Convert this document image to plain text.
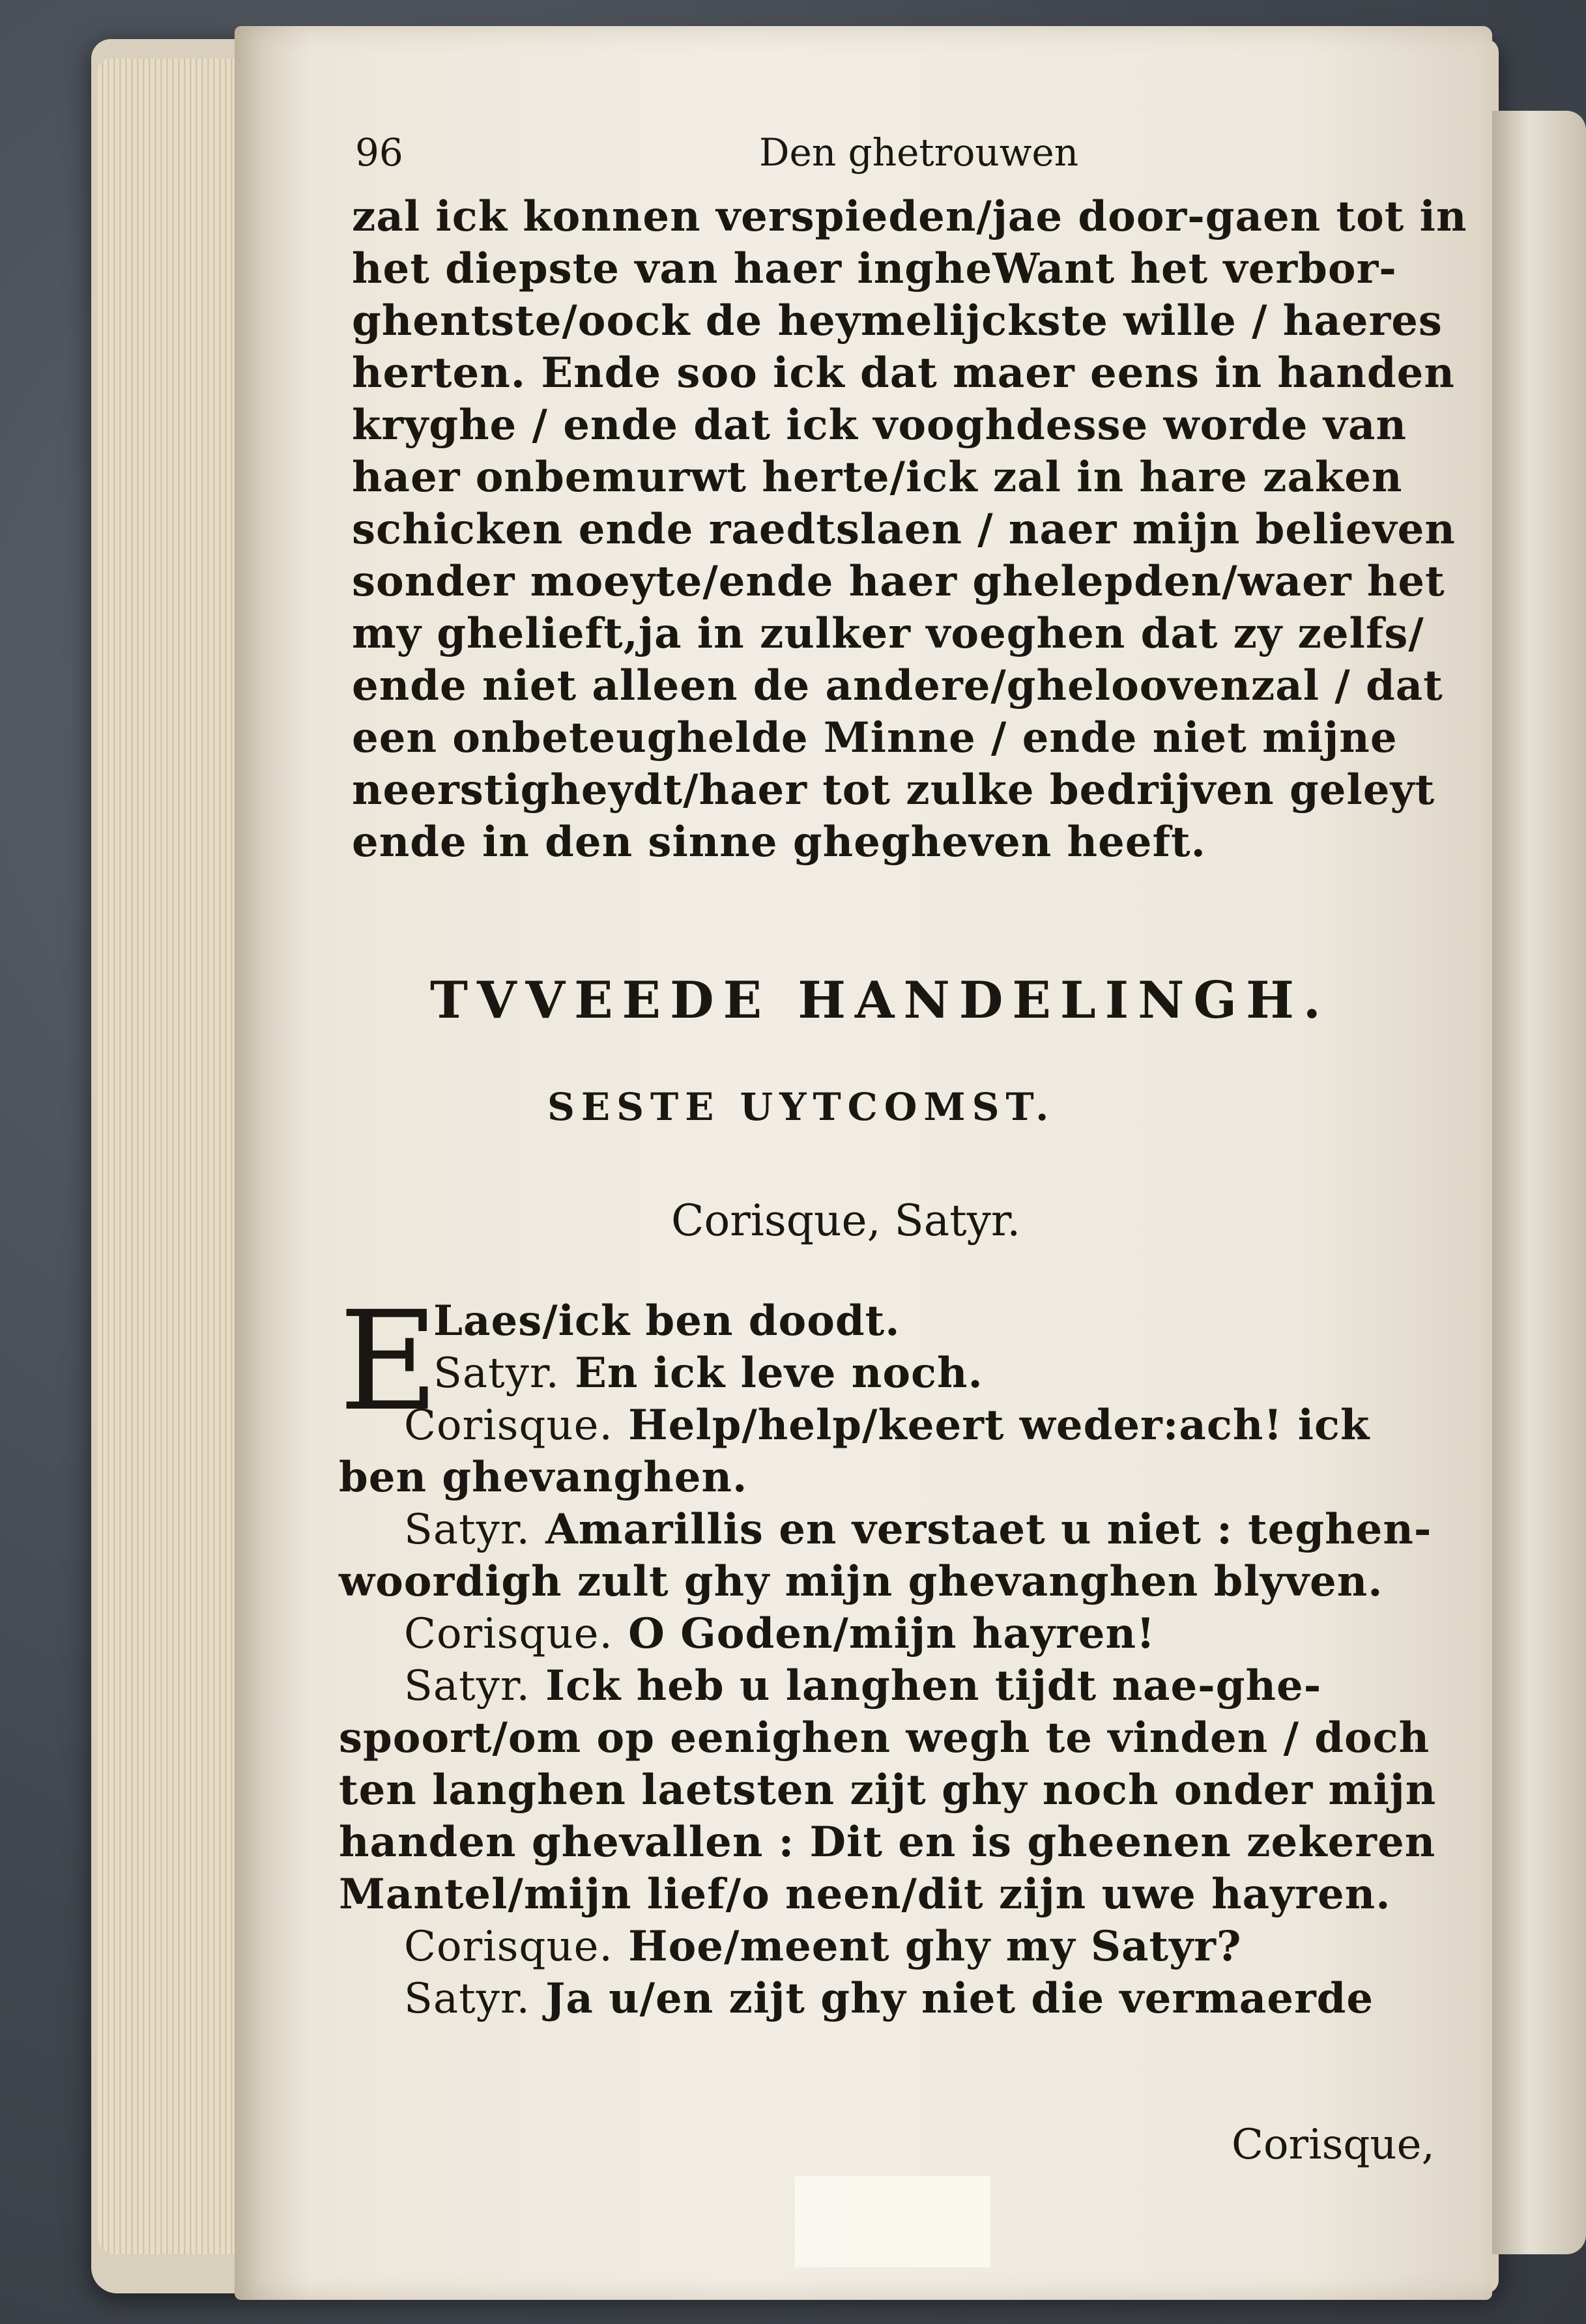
96	Den ghetrouwen
zal ick konnen verspieden/jae door-gaen tot in
het diepste van haer ingheWant het verbor-
ghentste/oock de heymelijckste wille / haeres
herten. Ende soo ick dat maer eens in handen
kryghe / ende dat ick vooghdesse worde van
haer onbemurwt herte/ick zal in hare zaken
schicken ende raedtslaen / naer mijn believen
sonder moeyte/ende haer ghelepden/waer het
my ghelieft,ja in zulker voeghen dat zy zelfs/
ende niet alleen de andere/gheloovenzal / dat
een onbeteughelde Minne / ende niet mijne
neerstigheydt/haer tot zulke bedrijven geleyt
ende in den sinne ghegheven heeft.
TVVEEDE HANDELINGH.
SESTE UYTCOMST.
Corisque, Satyr.
E
Laes/ick ben doodt.
Satyr. En ick leve noch.
Corisque. Help/help/keert weder:ach! ick
ben ghevanghen.
Satyr. Amarillis en verstaet u niet : teghen-
woordigh zult ghy mijn ghevanghen blyven.
Corisque. O Goden/mijn hayren!
Satyr. Ick heb u langhen tijdt nae-ghe-
spoort/om op eenighen wegh te vinden / doch
ten langhen laetsten zijt ghy noch onder mijn
handen ghevallen : Dit en is gheenen zekeren
Mantel/mijn lief/o neen/dit zijn uwe hayren.
Corisque. Hoe/meent ghy my Satyr?
Satyr. Ja u/en zijt ghy niet die vermaerde
Corisque,
